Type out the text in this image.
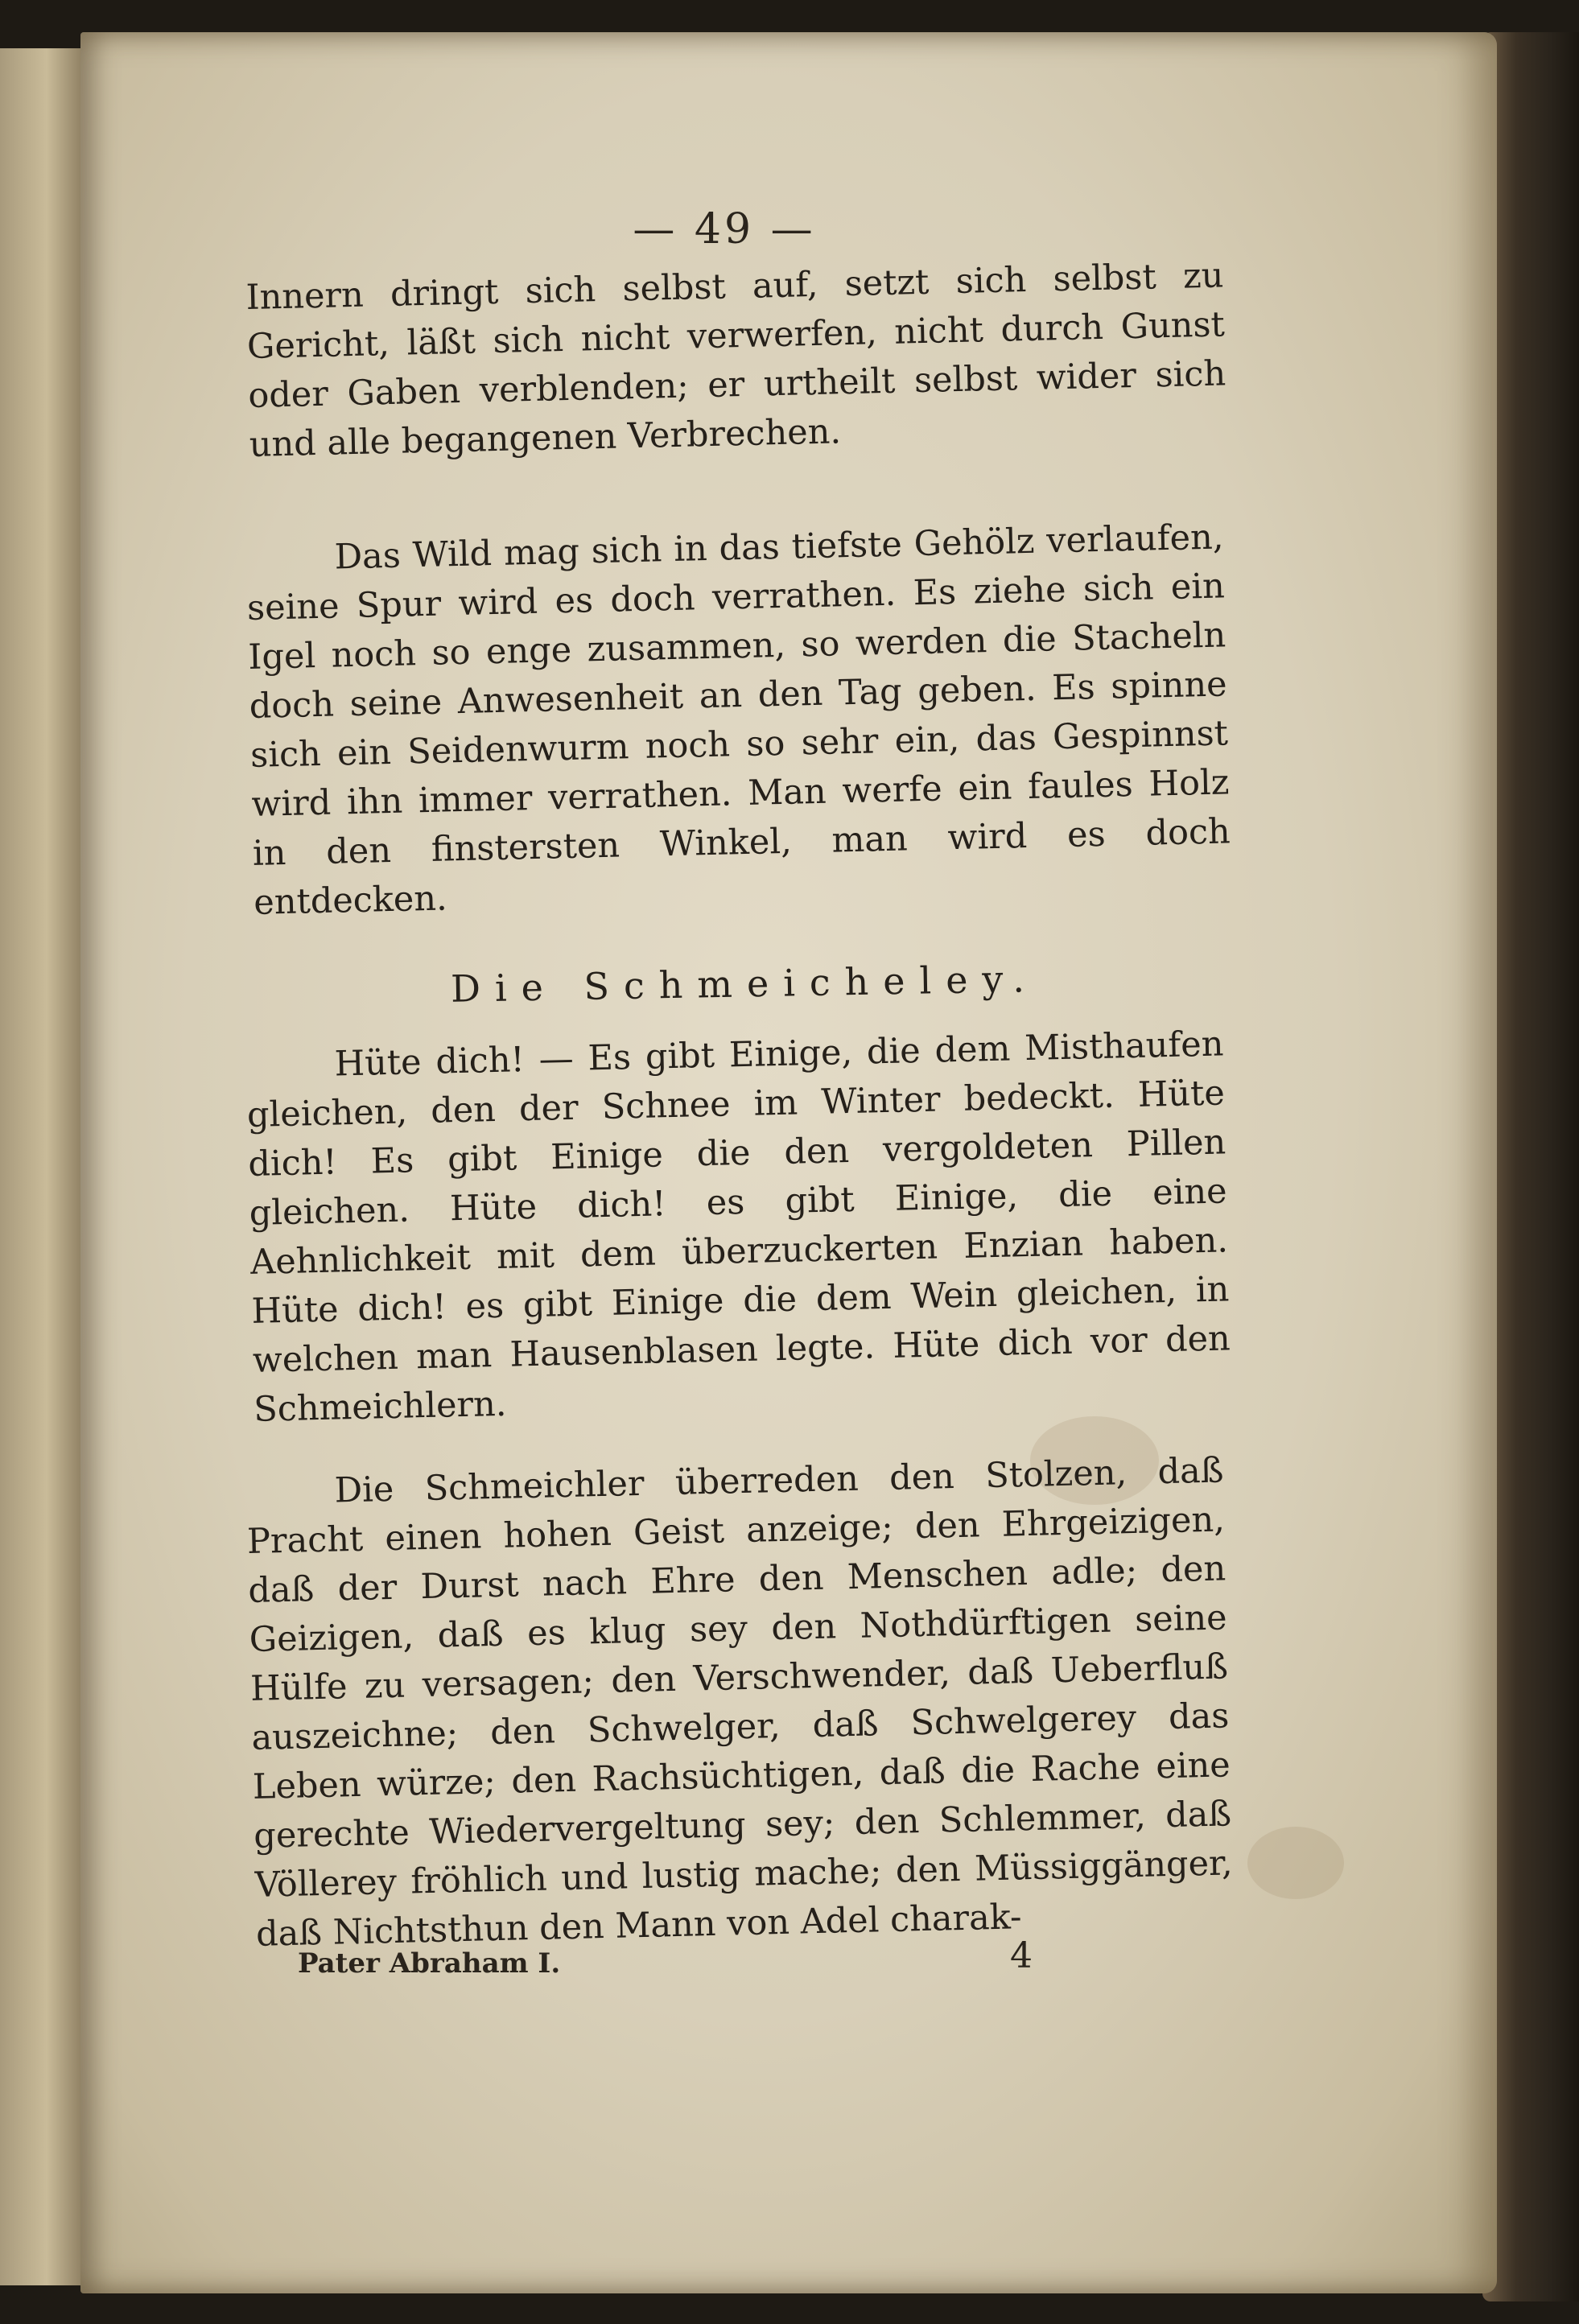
— 49 —

Innern dringt sich selbst auf, setzt sich selbst zu Gericht, läßt sich nicht verwerfen, nicht durch Gunst oder Gaben verblenden; er urtheilt selbst wider sich und alle begangenen Verbrechen.

Das Wild mag sich in das tiefste Gehölz verlaufen, seine Spur wird es doch verrathen. Es ziehe sich ein Igel noch so enge zusammen, so werden die Stacheln doch seine Anwesenheit an den Tag geben. Es spinne sich ein Seidenwurm noch so sehr ein, das Gespinnst wird ihn immer verrathen. Man werfe ein faules Holz in den finstersten Winkel, man wird es doch entdecken.

Die Schmeicheley.

Hüte dich! — Es gibt Einige, die dem Misthaufen gleichen, den der Schnee im Winter bedeckt. Hüte dich! Es gibt Einige die den vergoldeten Pillen gleichen. Hüte dich! es gibt Einige, die eine Aehnlichkeit mit dem überzuckerten Enzian haben. Hüte dich! es gibt Einige die dem Wein gleichen, in welchen man Hausenblasen legte. Hüte dich vor den Schmeichlern.

Die Schmeichler überreden den Stolzen, daß Pracht einen hohen Geist anzeige; den Ehrgeizigen, daß der Durst nach Ehre den Menschen adle; den Geizigen, daß es klug sey den Nothdürftigen seine Hülfe zu versagen; den Verschwender, daß Ueberfluß auszeichne; den Schwelger, daß Schwelgerey das Leben würze; den Rachsüchtigen, daß die Rache eine gerechte Wiedervergeltung sey; den Schlemmer, daß Völlerey fröhlich und lustig mache; den Müssiggänger, daß Nichtsthun den Mann von Adel charak-

Pater Abraham I.	4
